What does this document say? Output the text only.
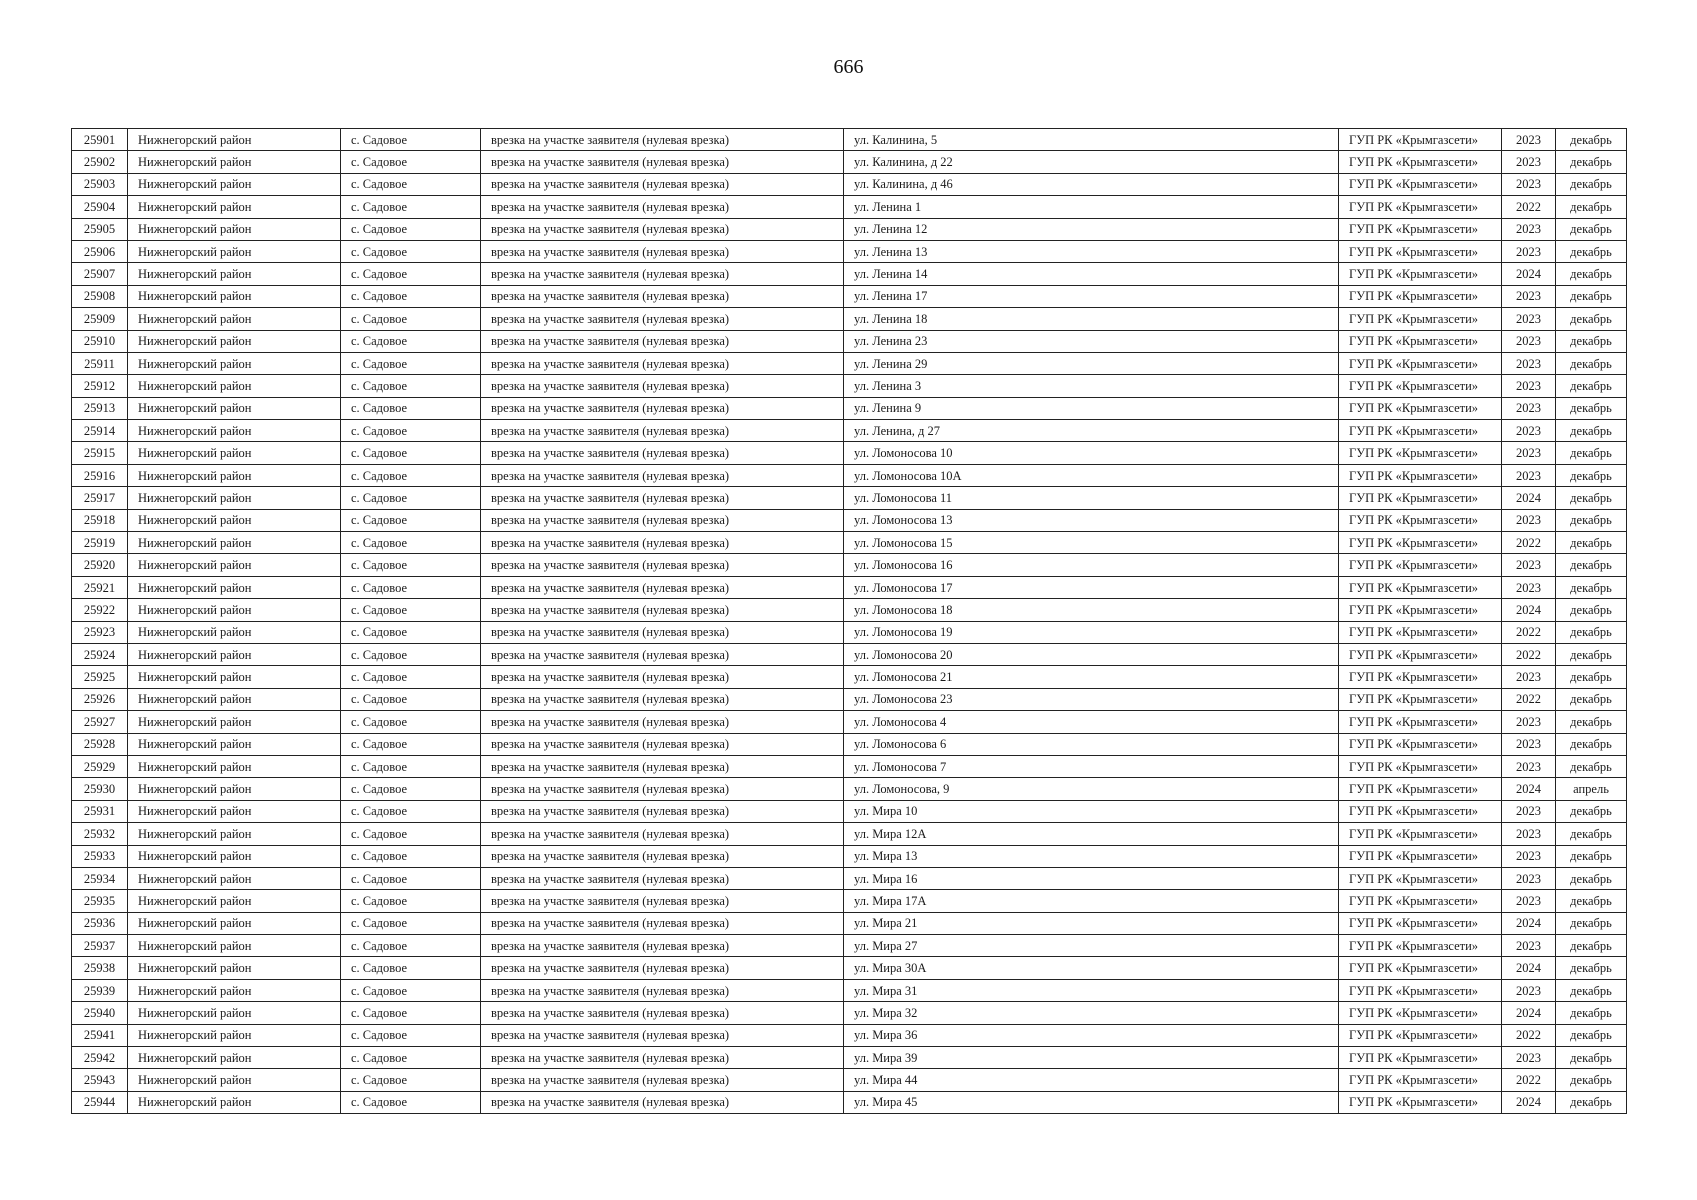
666
25901	Нижнегорский район	с. Садовое	врезка на участке заявителя (нулевая врезка)	ул. Калинина, 5	ГУП РК «Крымгазсети»	2023	декабрь
25902	Нижнегорский район	с. Садовое	врезка на участке заявителя (нулевая врезка)	ул. Калинина, д 22	ГУП РК «Крымгазсети»	2023	декабрь
25903	Нижнегорский район	с. Садовое	врезка на участке заявителя (нулевая врезка)	ул. Калинина, д 46	ГУП РК «Крымгазсети»	2023	декабрь
25904	Нижнегорский район	с. Садовое	врезка на участке заявителя (нулевая врезка)	ул. Ленина 1	ГУП РК «Крымгазсети»	2022	декабрь
25905	Нижнегорский район	с. Садовое	врезка на участке заявителя (нулевая врезка)	ул. Ленина 12	ГУП РК «Крымгазсети»	2023	декабрь
25906	Нижнегорский район	с. Садовое	врезка на участке заявителя (нулевая врезка)	ул. Ленина 13	ГУП РК «Крымгазсети»	2023	декабрь
25907	Нижнегорский район	с. Садовое	врезка на участке заявителя (нулевая врезка)	ул. Ленина 14	ГУП РК «Крымгазсети»	2024	декабрь
25908	Нижнегорский район	с. Садовое	врезка на участке заявителя (нулевая врезка)	ул. Ленина 17	ГУП РК «Крымгазсети»	2023	декабрь
25909	Нижнегорский район	с. Садовое	врезка на участке заявителя (нулевая врезка)	ул. Ленина 18	ГУП РК «Крымгазсети»	2023	декабрь
25910	Нижнегорский район	с. Садовое	врезка на участке заявителя (нулевая врезка)	ул. Ленина 23	ГУП РК «Крымгазсети»	2023	декабрь
25911	Нижнегорский район	с. Садовое	врезка на участке заявителя (нулевая врезка)	ул. Ленина 29	ГУП РК «Крымгазсети»	2023	декабрь
25912	Нижнегорский район	с. Садовое	врезка на участке заявителя (нулевая врезка)	ул. Ленина 3	ГУП РК «Крымгазсети»	2023	декабрь
25913	Нижнегорский район	с. Садовое	врезка на участке заявителя (нулевая врезка)	ул. Ленина 9	ГУП РК «Крымгазсети»	2023	декабрь
25914	Нижнегорский район	с. Садовое	врезка на участке заявителя (нулевая врезка)	ул. Ленина, д 27	ГУП РК «Крымгазсети»	2023	декабрь
25915	Нижнегорский район	с. Садовое	врезка на участке заявителя (нулевая врезка)	ул. Ломоносова 10	ГУП РК «Крымгазсети»	2023	декабрь
25916	Нижнегорский район	с. Садовое	врезка на участке заявителя (нулевая врезка)	ул. Ломоносова 10А	ГУП РК «Крымгазсети»	2023	декабрь
25917	Нижнегорский район	с. Садовое	врезка на участке заявителя (нулевая врезка)	ул. Ломоносова 11	ГУП РК «Крымгазсети»	2024	декабрь
25918	Нижнегорский район	с. Садовое	врезка на участке заявителя (нулевая врезка)	ул. Ломоносова 13	ГУП РК «Крымгазсети»	2023	декабрь
25919	Нижнегорский район	с. Садовое	врезка на участке заявителя (нулевая врезка)	ул. Ломоносова 15	ГУП РК «Крымгазсети»	2022	декабрь
25920	Нижнегорский район	с. Садовое	врезка на участке заявителя (нулевая врезка)	ул. Ломоносова 16	ГУП РК «Крымгазсети»	2023	декабрь
25921	Нижнегорский район	с. Садовое	врезка на участке заявителя (нулевая врезка)	ул. Ломоносова 17	ГУП РК «Крымгазсети»	2023	декабрь
25922	Нижнегорский район	с. Садовое	врезка на участке заявителя (нулевая врезка)	ул. Ломоносова 18	ГУП РК «Крымгазсети»	2024	декабрь
25923	Нижнегорский район	с. Садовое	врезка на участке заявителя (нулевая врезка)	ул. Ломоносова 19	ГУП РК «Крымгазсети»	2022	декабрь
25924	Нижнегорский район	с. Садовое	врезка на участке заявителя (нулевая врезка)	ул. Ломоносова 20	ГУП РК «Крымгазсети»	2022	декабрь
25925	Нижнегорский район	с. Садовое	врезка на участке заявителя (нулевая врезка)	ул. Ломоносова 21	ГУП РК «Крымгазсети»	2023	декабрь
25926	Нижнегорский район	с. Садовое	врезка на участке заявителя (нулевая врезка)	ул. Ломоносова 23	ГУП РК «Крымгазсети»	2022	декабрь
25927	Нижнегорский район	с. Садовое	врезка на участке заявителя (нулевая врезка)	ул. Ломоносова 4	ГУП РК «Крымгазсети»	2023	декабрь
25928	Нижнегорский район	с. Садовое	врезка на участке заявителя (нулевая врезка)	ул. Ломоносова 6	ГУП РК «Крымгазсети»	2023	декабрь
25929	Нижнегорский район	с. Садовое	врезка на участке заявителя (нулевая врезка)	ул. Ломоносова 7	ГУП РК «Крымгазсети»	2023	декабрь
25930	Нижнегорский район	с. Садовое	врезка на участке заявителя (нулевая врезка)	ул. Ломоносова, 9	ГУП РК «Крымгазсети»	2024	апрель
25931	Нижнегорский район	с. Садовое	врезка на участке заявителя (нулевая врезка)	ул. Мира 10	ГУП РК «Крымгазсети»	2023	декабрь
25932	Нижнегорский район	с. Садовое	врезка на участке заявителя (нулевая врезка)	ул. Мира 12А	ГУП РК «Крымгазсети»	2023	декабрь
25933	Нижнегорский район	с. Садовое	врезка на участке заявителя (нулевая врезка)	ул. Мира 13	ГУП РК «Крымгазсети»	2023	декабрь
25934	Нижнегорский район	с. Садовое	врезка на участке заявителя (нулевая врезка)	ул. Мира 16	ГУП РК «Крымгазсети»	2023	декабрь
25935	Нижнегорский район	с. Садовое	врезка на участке заявителя (нулевая врезка)	ул. Мира 17А	ГУП РК «Крымгазсети»	2023	декабрь
25936	Нижнегорский район	с. Садовое	врезка на участке заявителя (нулевая врезка)	ул. Мира 21	ГУП РК «Крымгазсети»	2024	декабрь
25937	Нижнегорский район	с. Садовое	врезка на участке заявителя (нулевая врезка)	ул. Мира 27	ГУП РК «Крымгазсети»	2023	декабрь
25938	Нижнегорский район	с. Садовое	врезка на участке заявителя (нулевая врезка)	ул. Мира 30А	ГУП РК «Крымгазсети»	2024	декабрь
25939	Нижнегорский район	с. Садовое	врезка на участке заявителя (нулевая врезка)	ул. Мира 31	ГУП РК «Крымгазсети»	2023	декабрь
25940	Нижнегорский район	с. Садовое	врезка на участке заявителя (нулевая врезка)	ул. Мира 32	ГУП РК «Крымгазсети»	2024	декабрь
25941	Нижнегорский район	с. Садовое	врезка на участке заявителя (нулевая врезка)	ул. Мира 36	ГУП РК «Крымгазсети»	2022	декабрь
25942	Нижнегорский район	с. Садовое	врезка на участке заявителя (нулевая врезка)	ул. Мира 39	ГУП РК «Крымгазсети»	2023	декабрь
25943	Нижнегорский район	с. Садовое	врезка на участке заявителя (нулевая врезка)	ул. Мира 44	ГУП РК «Крымгазсети»	2022	декабрь
25944	Нижнегорский район	с. Садовое	врезка на участке заявителя (нулевая врезка)	ул. Мира 45	ГУП РК «Крымгазсети»	2024	декабрь
